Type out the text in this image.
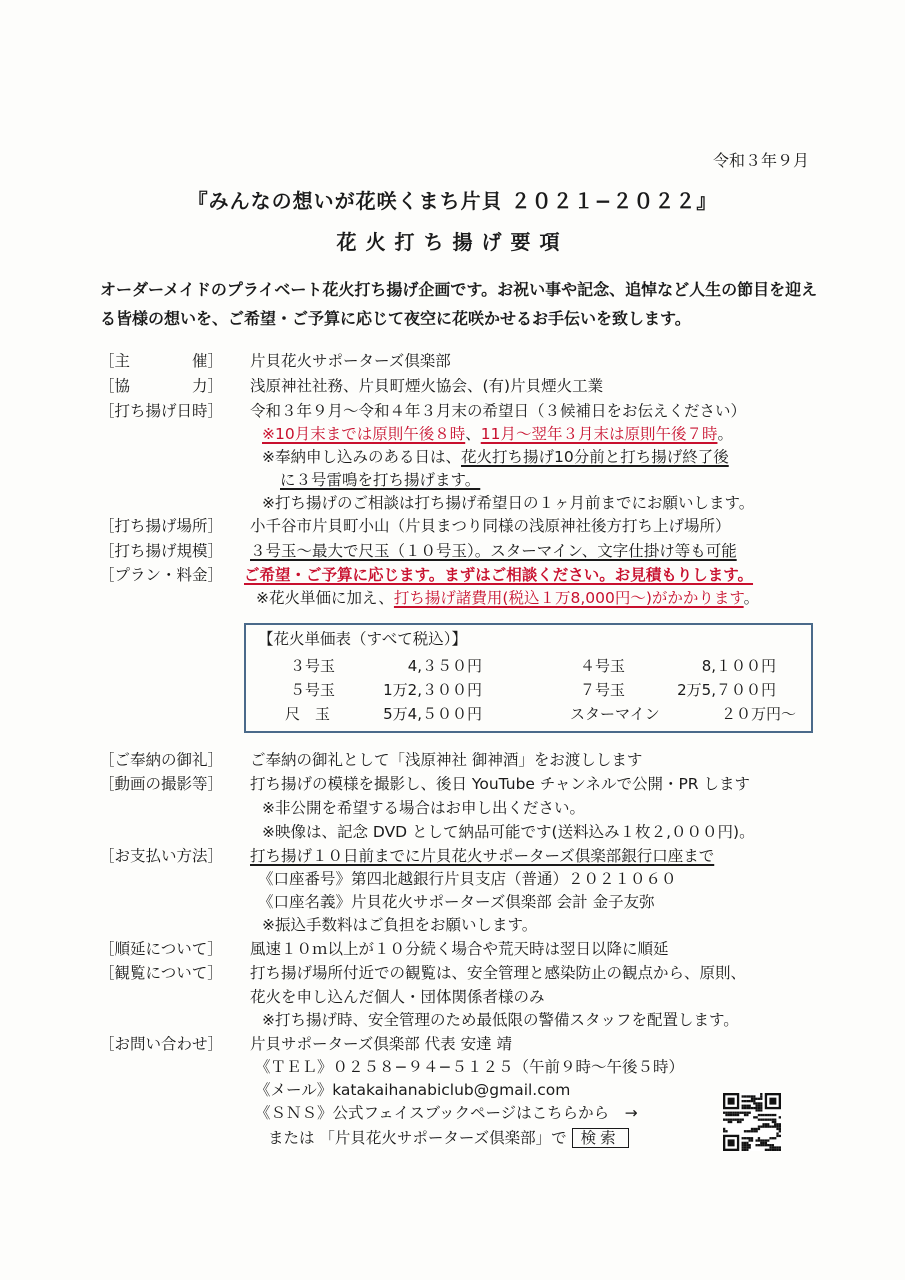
令和３年９月
『みんなの想いが花咲くまち片貝 ２０２１−２０２２』
花火打ち揚げ要項
オーダーメイドのプライベート花火打ち揚げ企画です。お祝い事や記念、追悼など人生の節目を迎える皆様の想いを、ご希望・ご予算に応じて夜空に花咲かせるお手伝いを致します。
［主	催］ 片貝花火サポーターズ倶楽部
［協	力］ 浅原神社社務、片貝町煙火協会、(有)片貝煙火工業
［打ち揚げ日時］ 令和３年９月〜令和４年３月末の希望日（３候補日をお伝えください）
※10月末までは原則午後８時、11月〜翌年３月末は原則午後７時。
※奉納申し込みのある日は、花火打ち揚げ10分前と打ち揚げ終了後
に３号雷鳴を打ち揚げます。
※打ち揚げのご相談は打ち揚げ希望日の１ヶ月前までにお願いします。
［打ち揚げ場所］ 小千谷市片貝町小山（片貝まつり同様の浅原神社後方打ち上げ場所）
［打ち揚げ規模］ ３号玉〜最大で尺玉（１０号玉）。スターマイン、文字仕掛け等も可能
［プラン・料金］ ご希望・ご予算に応じます。まずはご相談ください。お見積もりします。
※花火単価に加え、打ち揚げ諸費用(税込１万8,000円〜)がかかります。
【花火単価表（すべて税込）】
３号玉	4,３５０円	４号玉	8,１００円
５号玉	1万2,３００円	７号玉	2万5,７００円
尺　玉	5万4,５００円	スターマイン	２０万円〜
［ご奉納の御礼］ ご奉納の御礼として「浅原神社 御神酒」をお渡しします
［動画の撮影等］ 打ち揚げの模様を撮影し、後日 YouTube チャンネルで公開・PR します
※非公開を希望する場合はお申し出ください。
※映像は、記念 DVD として納品可能です(送料込み１枚２,０００円)。
［お支払い方法］ 打ち揚げ１０日前までに片貝花火サポーターズ倶楽部銀行口座まで
《口座番号》第四北越銀行片貝支店（普通）２０２１０６０
《口座名義》片貝花火サポーターズ倶楽部 会計 金子友弥
※振込手数料はご負担をお願いします。
［順延について］ 風速１０ｍ以上が１０分続く場合や荒天時は翌日以降に順延
［観覧について］ 打ち揚げ場所付近での観覧は、安全管理と感染防止の観点から、原則、
花火を申し込んだ個人・団体関係者様のみ
※打ち揚げ時、安全管理のため最低限の警備スタッフを配置します。
［お問い合わせ］ 片貝サポーターズ倶楽部 代表 安達 靖
《ＴＥＬ》０２５８−９４−５１２５（午前９時〜午後５時）
《メール》katakaihanabiclub@gmail.com
《ＳＮＳ》公式フェイスブックページはこちらから　→
または 「片貝花火サポーターズ倶楽部」で 検索
